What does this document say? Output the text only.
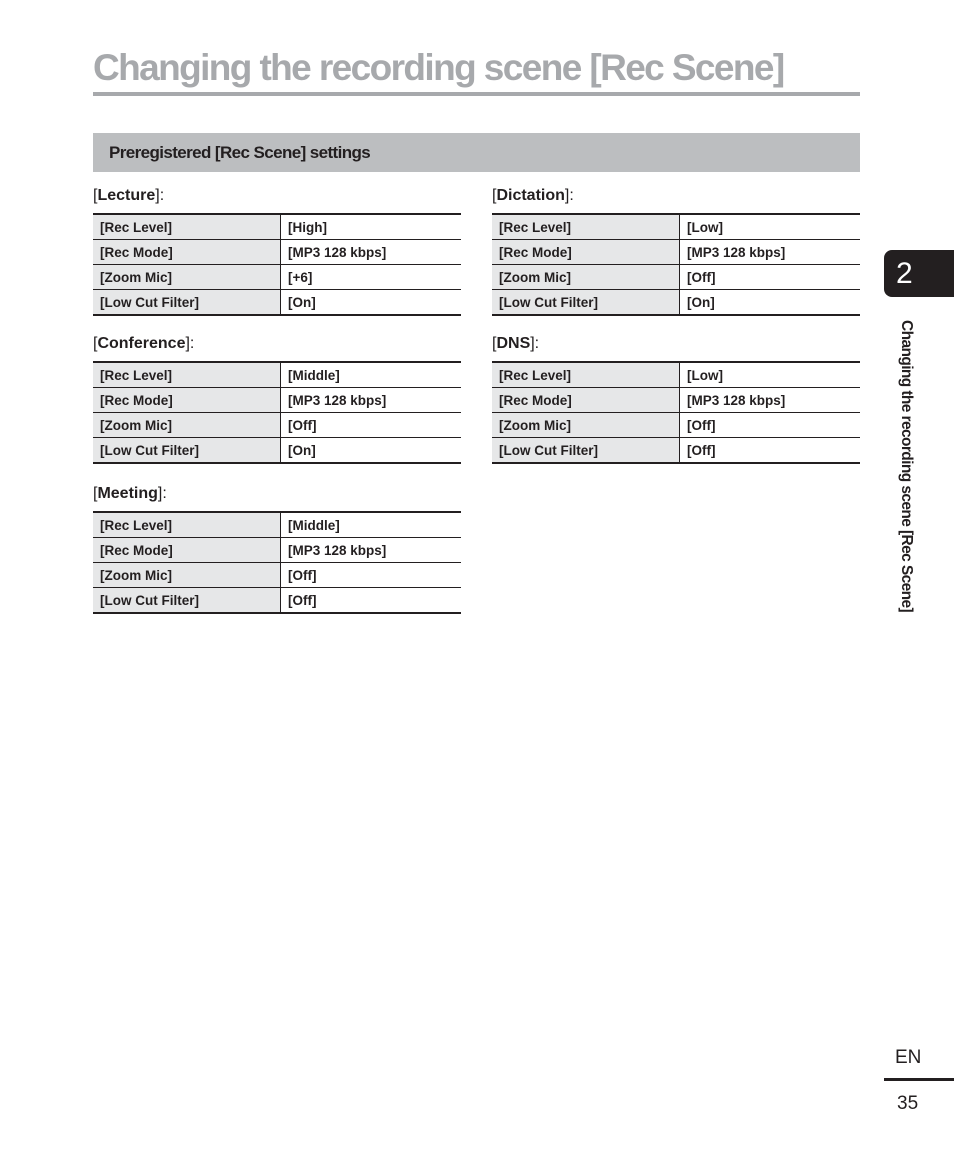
Changing the recording scene [Rec Scene]
Preregistered [Rec Scene] settings
[Lecture]:
[Rec Level]	[High]
[Rec Mode]	[MP3 128 kbps]
[Zoom Mic]	[+6]
[Low Cut Filter]	[On]
[Conference]:
[Rec Level]	[Middle]
[Rec Mode]	[MP3 128 kbps]
[Zoom Mic]	[Off]
[Low Cut Filter]	[On]
[Meeting]:
[Rec Level]	[Middle]
[Rec Mode]	[MP3 128 kbps]
[Zoom Mic]	[Off]
[Low Cut Filter]	[Off]
[Dictation]:
[Rec Level]	[Low]
[Rec Mode]	[MP3 128 kbps]
[Zoom Mic]	[Off]
[Low Cut Filter]	[On]
[DNS]:
[Rec Level]	[Low]
[Rec Mode]	[MP3 128 kbps]
[Zoom Mic]	[Off]
[Low Cut Filter]	[Off]
2
Changing the recording scene [Rec Scene]
EN
35
